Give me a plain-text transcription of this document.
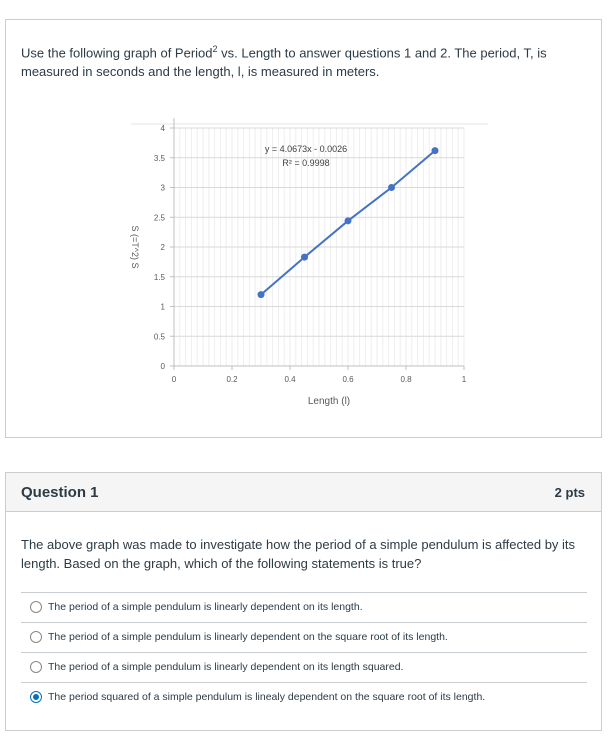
Use the following graph of Period$^2$ vs. Length to answer questions 1 and 2. The period, T, is measured in seconds and the length, l, is measured in meters.
0
0.5
1
1.5
2
2.5
3
3.5
4
0	0.2	0.4	0.6	0.8	1
Length (l)
S (=T^2) S
y = 4.0673x - 0.0026
R² = 0.9998
Question 1	2 pts
The above graph was made to investigate how the period of a simple pendulum is affected by its length. Based on the graph, which of the following statements is true?
The period of a simple pendulum is linearly dependent on its length.
The period of a simple pendulum is linearly dependent on the square root of its length.
The period of a simple pendulum is linearly dependent on its length squared.
The period squared of a simple pendulum is linealy dependent on the square root of its length.
